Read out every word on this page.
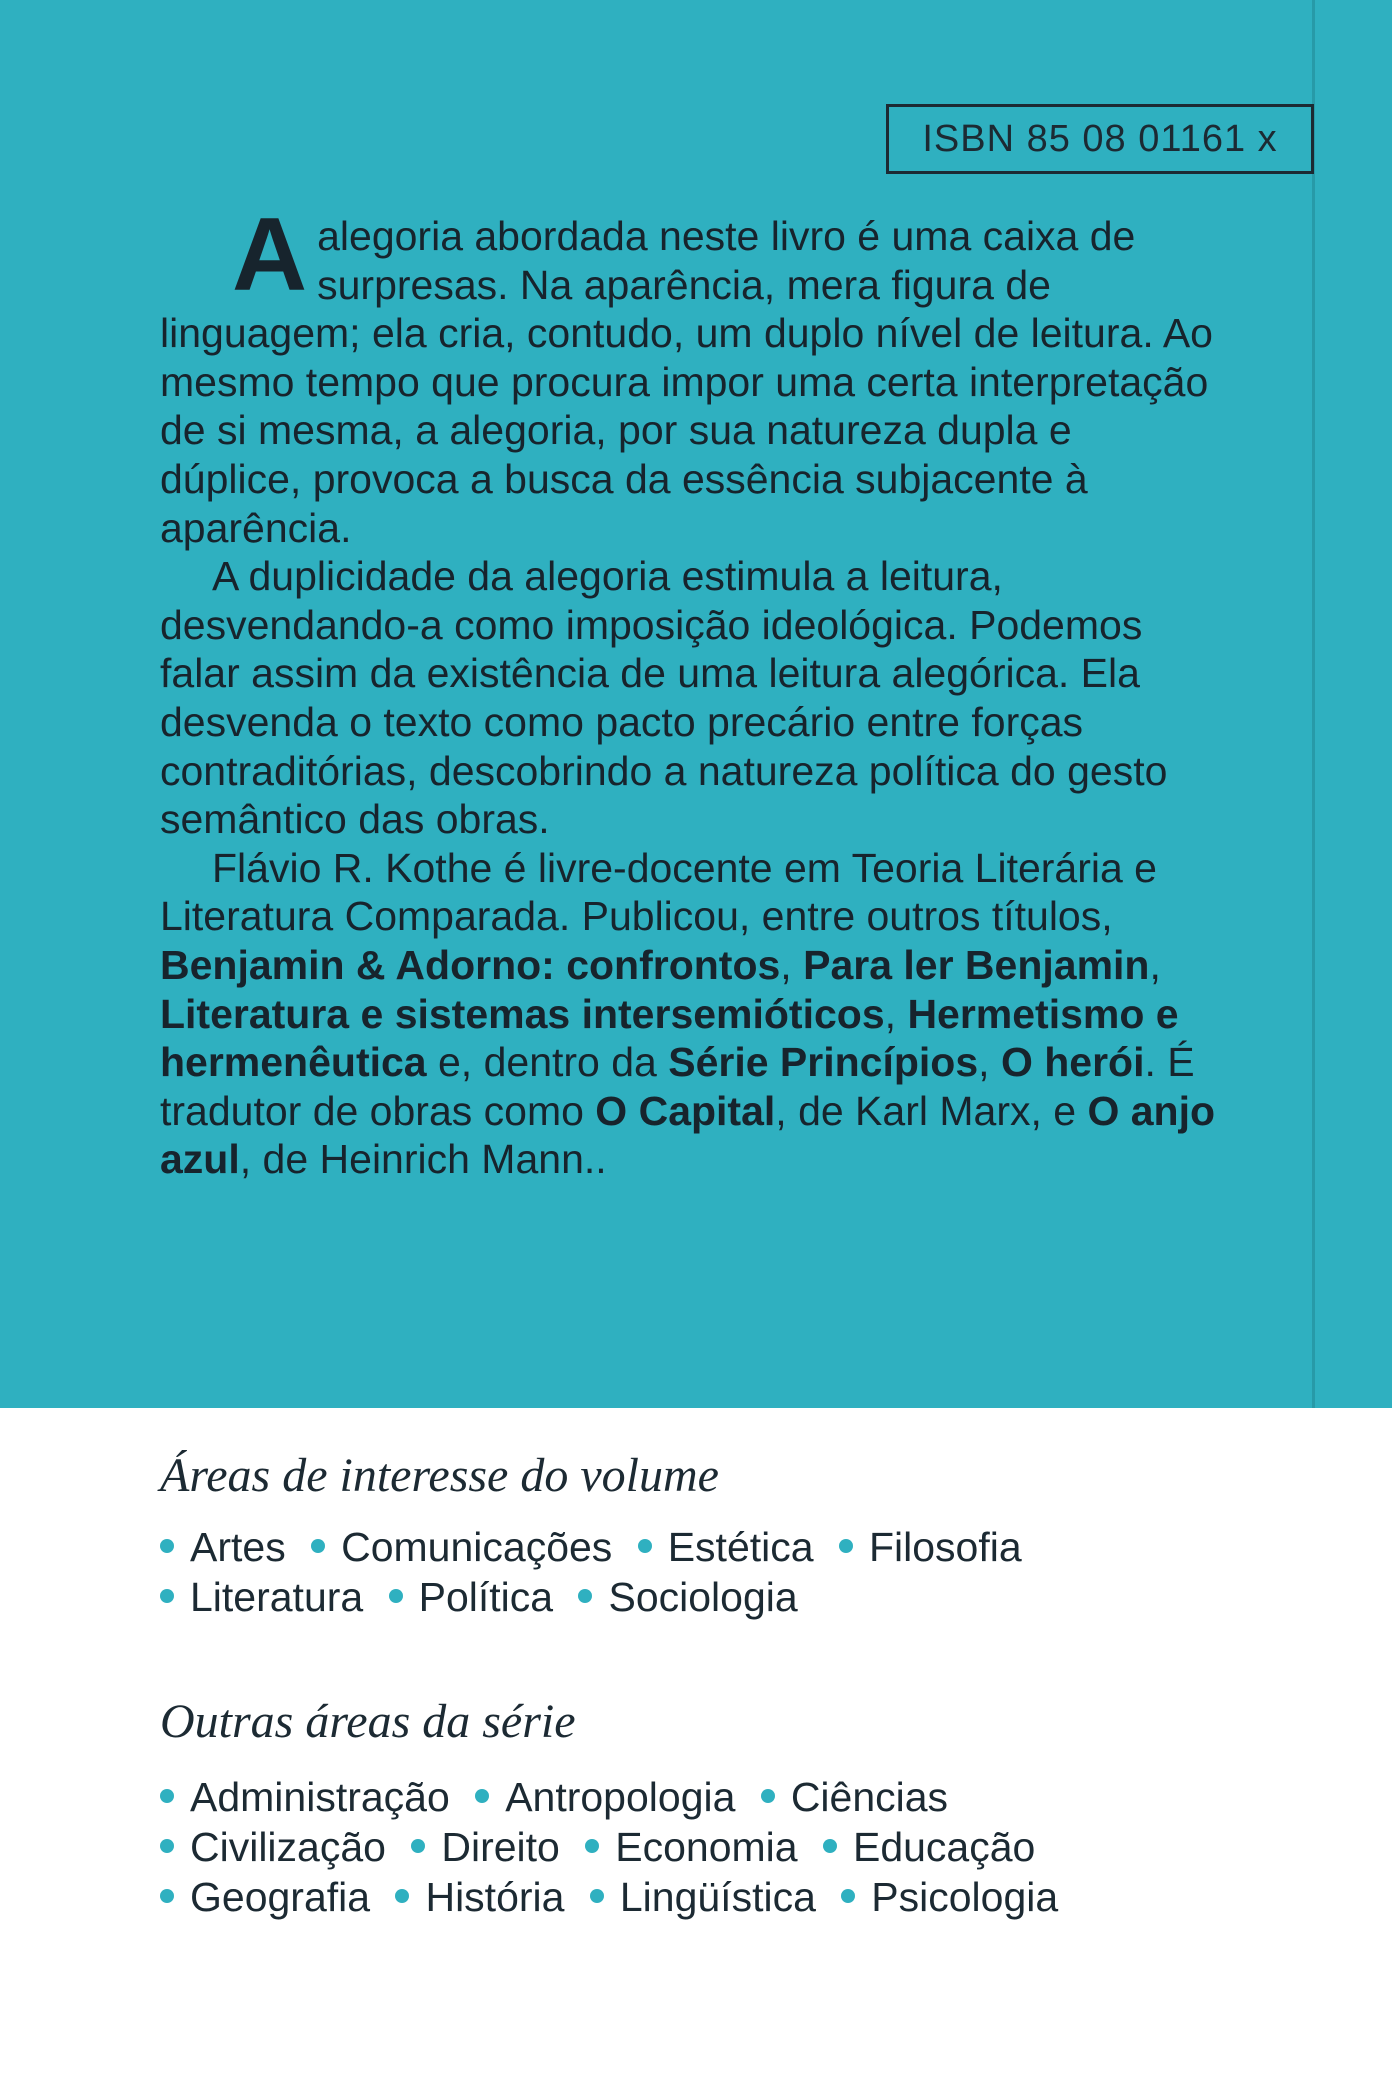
ISBN 85 08 01161 x

Aalegoria abordada neste livro é uma caixa de surpresas. Na aparência, mera figura de linguagem; ela cria, contudo, um duplo nível de leitura. Ao mesmo tempo que procura impor uma certa interpretação de si mesma, a alegoria, por sua natureza dupla e dúplice, provoca a busca da essência subjacente à aparência.

A duplicidade da alegoria estimula a leitura, desvendando-a como imposição ideológica. Podemos falar assim da existência de uma leitura alegórica. Ela desvenda o texto como pacto precário entre forças contraditórias, descobrindo a natureza política do gesto semântico das obras.

Flávio R. Kothe é livre-docente em Teoria Literária e Literatura Comparada. Publicou, entre outros títulos, Benjamin & Adorno: confrontos, Para ler Benjamin, Literatura e sistemas intersemióticos, Hermetismo e hermenêutica e, dentro da Série Princípios, O herói. É tradutor de obras como O Capital, de Karl Marx, e O anjo azul, de Heinrich Mann..

Áreas de interesse do volume
Artes Comunicações Estética Filosofia
Literatura Política Sociologia
Outras áreas da série
Administração Antropologia Ciências
Civilização Direito Economia Educação
Geografia História Lingüística Psicologia
